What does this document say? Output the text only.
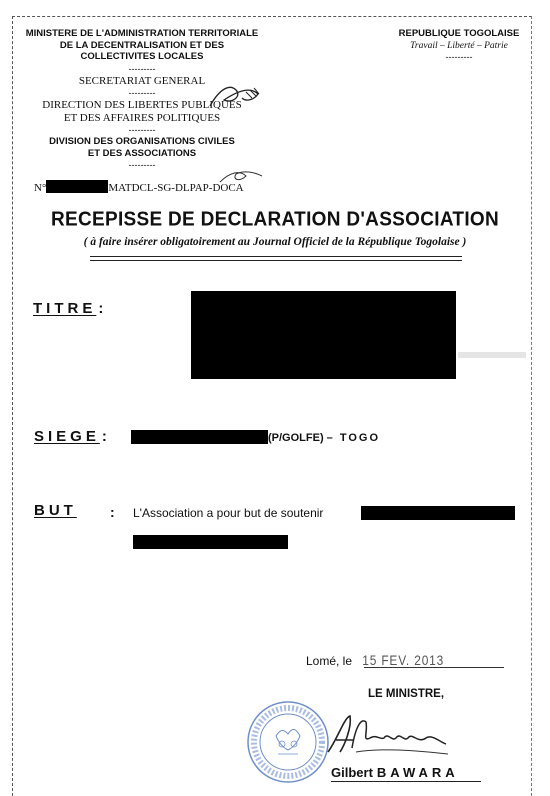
MINISTERE DE L'ADMINISTRATION TERRITORIALE
DE LA DECENTRALISATION ET DES
COLLECTIVITES LOCALES
---------
SECRETARIAT GENERAL
---------
DIRECTION DES LIBERTES PUBLIQUES
ET DES AFFAIRES POLITIQUES
---------
DIVISION DES ORGANISATIONS CIVILES
ET DES ASSOCIATIONS
---------
REPUBLIQUE TOGOLAISE
Travail – Liberté – Patrie
---------
N°	MATDCL-SG-DLPAP-DOCA
RECEPISSE DE DECLARATION D'ASSOCIATION
( à faire insérer obligatoirement au Journal Officiel de la République Togolaise )
TITRE :
SIEGE :	(P/GOLFE) – TOGO
BUT : L'Association a pour but de soutenir
Lomé, le 15 FEV. 2013
LE MINISTRE,
Gilbert BAWARA
